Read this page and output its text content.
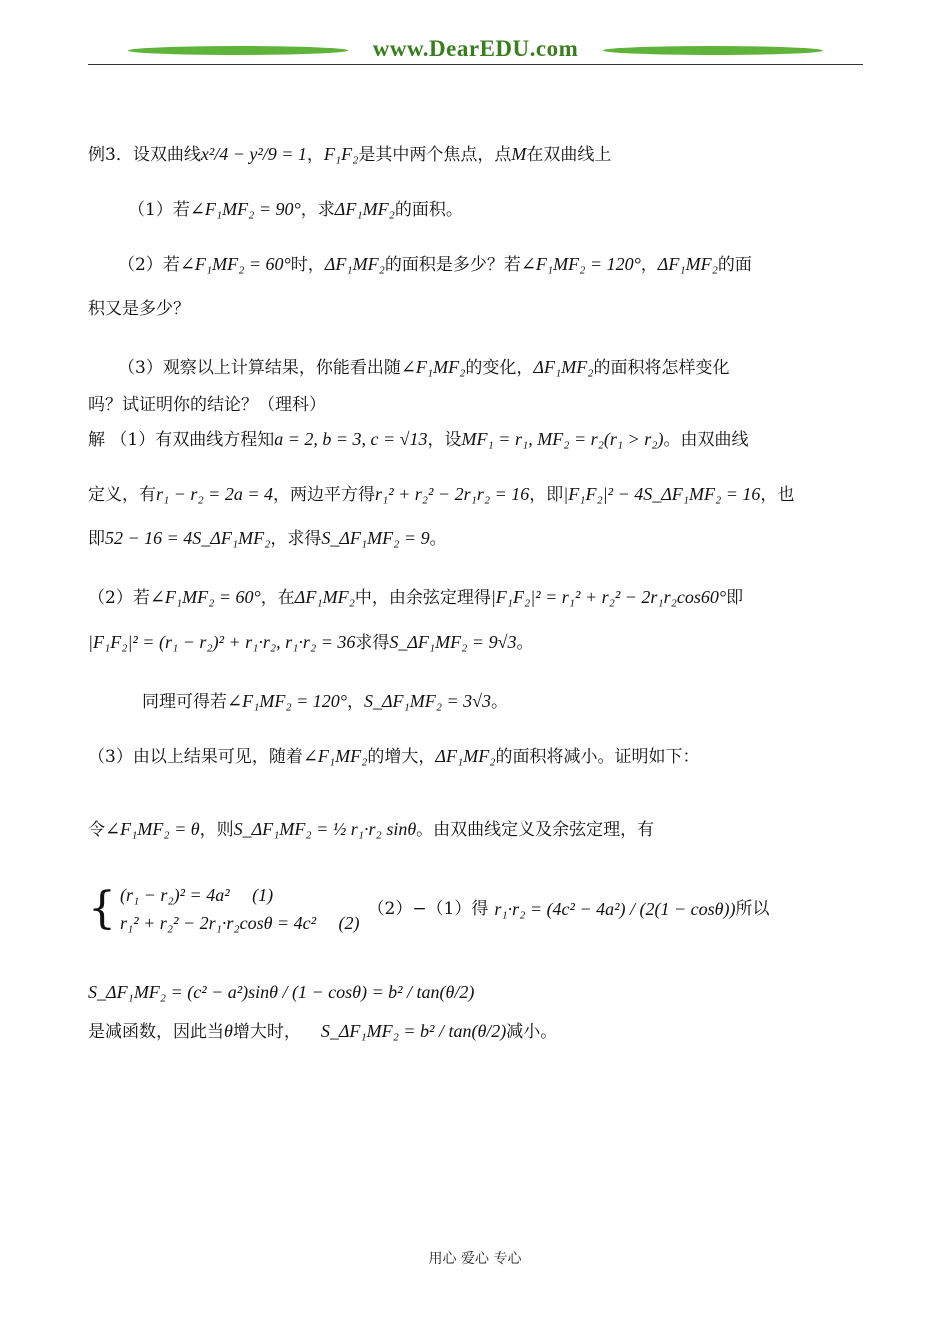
www.DearEDU.com

例3．设双曲线x²/4 − y²/9 = 1，F₁F₂是其中两个焦点，点M在双曲线上

（1）若∠F₁MF₂ = 90°，求ΔF₁MF₂的面积。

（2）若∠F₁MF₂ = 60°时，ΔF₁MF₂的面积是多少？若∠F₁MF₂ = 120°，ΔF₁MF₂的面

积又是多少？

（3）观察以上计算结果，你能看出随∠F₁MF₂的变化，ΔF₁MF₂的面积将怎样变化

吗？试证明你的结论？（理科）

解 （1）有双曲线方程知a = 2, b = 3, c = √13，设MF₁ = r₁, MF₂ = r₂(r₁ > r₂)。由双曲线

定义，有r₁ − r₂ = 2a = 4，两边平方得r₁² + r₂² − 2r₁r₂ = 16，即|F₁F₂|² − 4S_ΔF₁MF₂ = 16，也

即52 − 16 = 4S_ΔF₁MF₂，求得S_ΔF₁MF₂ = 9。

（2）若∠F₁MF₂ = 60°，在ΔF₁MF₂中，由余弦定理得|F₁F₂|² = r₁² + r₂² − 2r₁r₂cos60°即

|F₁F₂|² = (r₁ − r₂)² + r₁·r₂, r₁·r₂ = 36求得S_ΔF₁MF₂ = 9√3。

同理可得若∠F₁MF₂ = 120°，S_ΔF₁MF₂ = 3√3。

（3）由以上结果可见，随着∠F₁MF₂的增大，ΔF₁MF₂的面积将减小。证明如下：

令∠F₁MF₂ = θ，则S_ΔF₁MF₂ = ½ r₁·r₂ sinθ。由双曲线定义及余弦定理，有

{ (r₁ − r₂)² = 4a²　 (1)
r₁² + r₂² − 2r₁·r₂cosθ = 4c²　 (2)
（2）−（1）得 r₁·r₂ = (4c² − 4a²) / (2(1 − cosθ)) 所以

S_ΔF₁MF₂ = (c² − a²)sinθ / (1 − cosθ) = b² / tan(θ/2)

是减函数，因此当θ增大时， S_ΔF₁MF₂ = b² / tan(θ/2)减小。

用心 爱心 专心
